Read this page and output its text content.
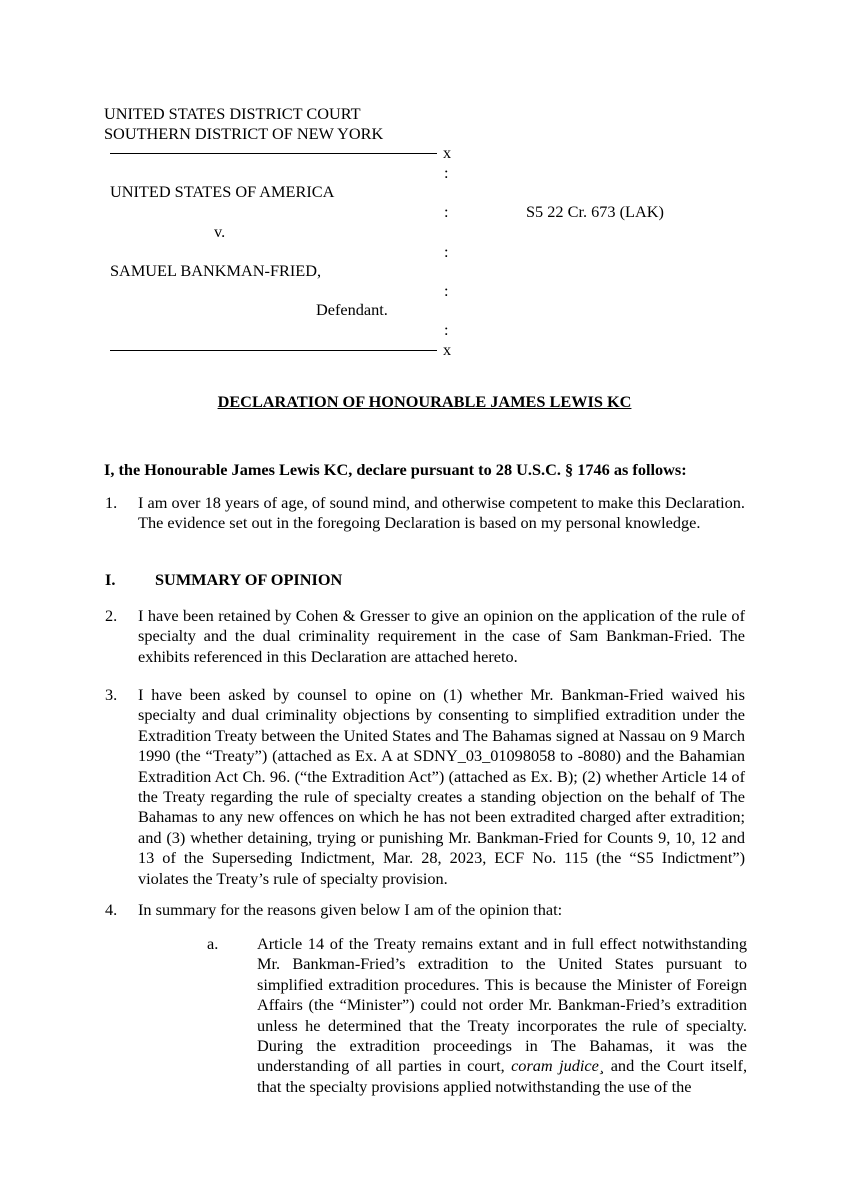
UNITED STATES DISTRICT COURT
SOUTHERN DISTRICT OF NEW YORK
x
:
UNITED STATES OF AMERICA
:	S5 22 Cr. 673 (LAK)
v.
:
SAMUEL BANKMAN-FRIED,
:
Defendant.
:
x
DECLARATION OF HONOURABLE JAMES LEWIS KC
I, the Honourable James Lewis KC, declare pursuant to 28 U.S.C. § 1746 as follows:
1. I am over 18 years of age, of sound mind, and otherwise competent to make this Declaration. The evidence set out in the foregoing Declaration is based on my personal knowledge.
I. SUMMARY OF OPINION
2. I have been retained by Cohen & Gresser to give an opinion on the application of the rule of specialty and the dual criminality requirement in the case of Sam Bankman-Fried. The exhibits referenced in this Declaration are attached hereto.
3. I have been asked by counsel to opine on (1) whether Mr. Bankman-Fried waived his specialty and dual criminality objections by consenting to simplified extradition under the Extradition Treaty between the United States and The Bahamas signed at Nassau on 9 March 1990 (the “Treaty”) (attached as Ex. A at SDNY_03_01098058 to -8080) and the Bahamian Extradition Act Ch. 96. (“the Extradition Act”) (attached as Ex. B); (2) whether Article 14 of the Treaty regarding the rule of specialty creates a standing objection on the behalf of The Bahamas to any new offences on which he has not been extradited charged after extradition; and (3) whether detaining, trying or punishing Mr. Bankman-Fried for Counts 9, 10, 12 and 13 of the Superseding Indictment, Mar. 28, 2023, ECF No. 115 (the “S5 Indictment”) violates the Treaty’s rule of specialty provision.
4. In summary for the reasons given below I am of the opinion that:
a. Article 14 of the Treaty remains extant and in full effect notwithstanding Mr. Bankman-Fried’s extradition to the United States pursuant to simplified extradition procedures. This is because the Minister of Foreign Affairs (the “Minister”) could not order Mr. Bankman-Fried’s extradition unless he determined that the Treaty incorporates the rule of specialty. During the extradition proceedings in The Bahamas, it was the understanding of all parties in court, coram judice¸ and the Court itself, that the specialty provisions applied notwithstanding the use of the
